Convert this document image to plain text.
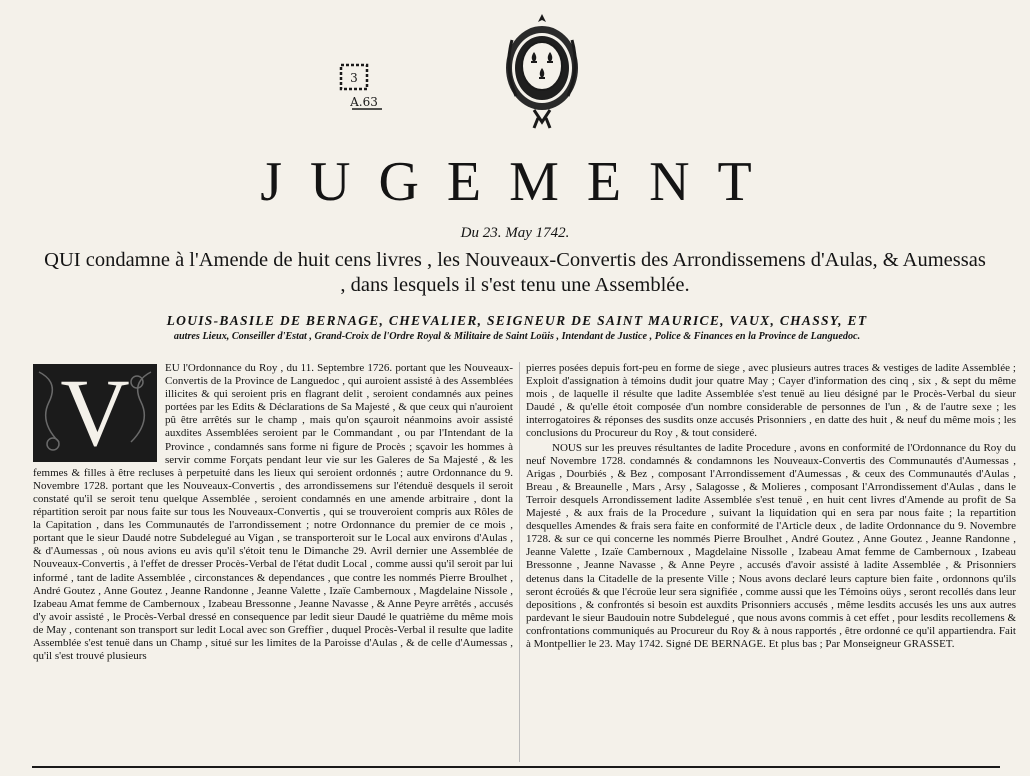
3
A.63
JUGEMENT

Du 23. May 1742.

QUI condamne à l'Amende de huit cens livres , les Nouveaux-Convertis des Arrondissemens d'Aulas, & Aumessas , dans lesquels il s'est tenu une Assemblée.

LOUIS-BASILE DE BERNAGE, CHEVALIER, SEIGNEUR DE SAINT MAURICE, VAUX, CHASSY, ET
autres Lieux, Conseiller d'Estat , Grand-Croix de l'Ordre Royal & Militaire de Saint Loüis , Intendant de Justice , Police & Finances en la Province de Languedoc.
V	EU l'Ordonnance du Roy , du 11. Septembre 1726. portant que les Nouveaux-Convertis de la Province de Languedoc , qui auroient assisté à des Assemblées illicites & qui seroient pris en flagrant delit , seroient condamnés aux peines portées par les Edits & Déclarations de Sa Majesté , & que ceux qui n'auroient pû être arrêtés sur le champ , mais qu'on sçauroit néanmoins avoir assisté auxdites Assemblées seroient par le Commandant , ou par l'Intendant de la Province , condamnés sans forme ni figure de Procès ; sçavoir les hommes à servir comme Forçats pendant leur vie sur les Galeres de Sa Majesté , & les femmes & filles à être recluses à perpetuité dans les lieux qui seroient ordonnés ; autre Ordonnance du 9. Novembre 1728. portant que les Nouveaux-Convertis , des arrondissemens sur l'étenduë desquels il seroit constaté qu'il se seroit tenu quelque Assemblée , seroient condamnés en une amende arbitraire , dont la répartition seroit par nous faite sur tous les Nouveaux-Convertis , qui se trouveroient compris aux Rôles de la Capitation , dans les Communautés de l'arrondissement ; notre Ordonnance du premier de ce mois , portant que le sieur Daudé notre Subdelegué au Vigan , se transporteroit sur le Local aux environs d'Aulas , & d'Aumessas , où nous avions eu avis qu'il s'étoit tenu le Dimanche 29. Avril dernier une Assemblée de Nouveaux-Convertis , à l'effet de dresser Procès-Verbal de l'état dudit Local , comme aussi qu'il seroit par lui informé , tant de ladite Assemblée , circonstances & dependances , que contre les nommés Pierre Broulhet , André Goutez , Anne Goutez , Jeanne Randonne , Jeanne Valette , Izaïe Cambernoux , Magdelaine Nissole , Izabeau Amat femme de Cambernoux , Izabeau Bressonne , Jeanne Navasse , & Anne Peyre arrêtés , accusés d'y avoir assisté , le Procès-Verbal dressé en consequence par ledit sieur Daudé le quatrième du même mois de May , contenant son transport sur ledit Local avec son Greffier , duquel Procès-Verbal il resulte que ladite Assemblée s'est tenuë dans un Champ , situé sur les limites de la Paroisse d'Aulas , & de celle d'Aumessas , qu'il s'est trouvé plusieurs

pierres posées depuis fort-peu en forme de siege , avec plusieurs autres traces & vestiges de ladite Assemblée ; Exploit d'assignation à témoins dudit jour quatre May ; Cayer d'information des cinq , six , & sept du même mois , de laquelle il résulte que ladite Assemblée s'est tenuë au lieu désigné par le Procès-Verbal du sieur Daudé , & qu'elle étoit composée d'un nombre considerable de personnes de l'un , & de l'autre sexe ; les interrogatoires & réponses des susdits onze accusés Prisonniers , en datte des huit , & neuf du même mois ; les conclusions du Procureur du Roy , & tout consideré.

NOUS sur les preuves résultantes de ladite Procedure , avons en conformité de l'Ordonnance du Roy du neuf Novembre 1728. condamnés & condamnons les Nouveaux-Convertis des Communautés d'Aumessas , Arigas , Dourbiés , & Bez , composant l'Arrondissement d'Aumessas , & ceux des Communautés d'Aulas , Breau , & Breaunelle , Mars , Arsy , Salagosse , & Molieres , composant l'Arrondissement d'Aulas , dans le Terroir desquels Arrondissement ladite Assemblée s'est tenuë , en huit cent livres d'Amende au profit de Sa Majesté , & aux frais de la Procedure , suivant la liquidation qui en sera par nous faite ; la repartition desquelles Amendes & frais sera faite en conformité de l'Article deux , de ladite Ordonnance du 9. Novembre 1728. & sur ce qui concerne les nommés Pierre Broulhet , André Goutez , Anne Goutez , Jeanne Randonne , Jeanne Valette , Izaïe Cambernoux , Magdelaine Nissolle , Izabeau Amat femme de Cambernoux , Izabeau Bressonne , Jeanne Navasse , & Anne Peyre , accusés d'avoir assisté à ladite Assemblée , & Prisonniers detenus dans la Citadelle de la presente Ville ; Nous avons declaré leurs capture bien faite , ordonnons qu'ils seront écroüés & que l'écroüe leur sera signifiée , comme aussi que les Témoins oüys , seront recollés dans leur depositions , & confrontés si besoin est auxdits Prisonniers accusés , même lesdits accusés les uns aux autres pardevant le sieur Baudouin notre Subdelegué , que nous avons commis à cet effet , pour lesdits recollemens & confrontations communiqués au Procureur du Roy & à nous rapportés , être ordonné ce qu'il appartiendra. Fait à Montpellier le 23. May 1742. Signé DE BERNAGE. Et plus bas ; Par Monseigneur GRASSET.
